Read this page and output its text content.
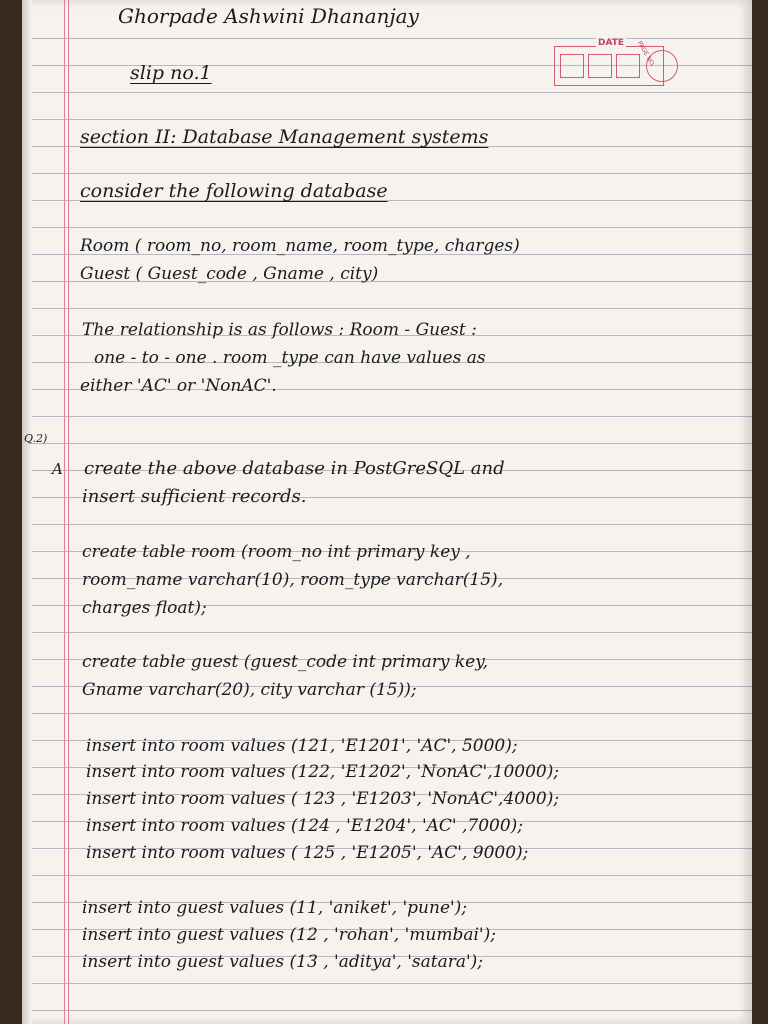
Ghorpade Ashwini Dhananjay
slip no.1
DATE	PAGE NO.
section II: Database Management systems
consider the following database
Room ( room_no, room_name, room_type, charges)
Guest ( Guest_code , Gname , city)
The relationship is as follows : Room - Guest :
one - to - one . room _type can have values as
either 'AC' or 'NonAC'.
Q.2)
A create the above database in PostGreSQL and
insert sufficient records.
create table room (room_no int primary key ,
room_name varchar(10), room_type varchar(15),
charges float);
create table guest (guest_code int primary key,
Gname varchar(20), city varchar (15));
insert into room values (121, 'E1201', 'AC', 5000);
insert into room values (122, 'E1202', 'NonAC',10000);
insert into room values ( 123 , 'E1203', 'NonAC',4000);
insert into room values (124 , 'E1204', 'AC' ,7000);
insert into room values ( 125 , 'E1205', 'AC', 9000);
insert into guest values (11, 'aniket', 'pune');
insert into guest values (12 , 'rohan', 'mumbai');
insert into guest values (13 , 'aditya', 'satara');
